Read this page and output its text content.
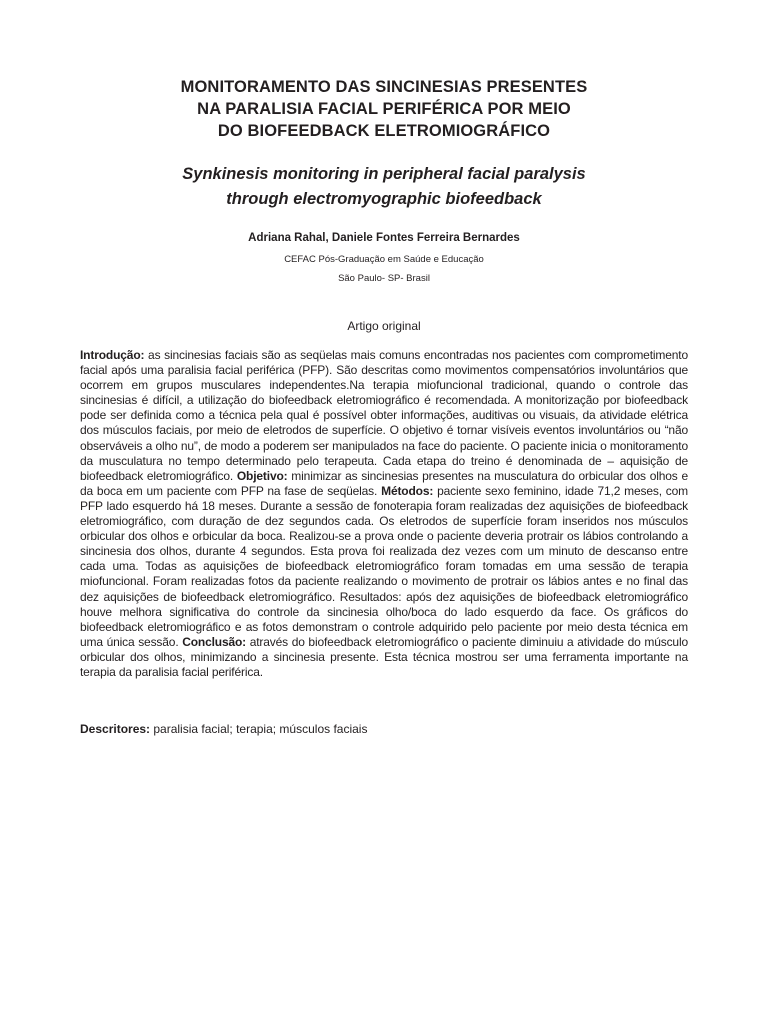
MONITORAMENTO DAS SINCINESIAS PRESENTES
NA PARALISIA FACIAL PERIFÉRICA POR MEIO
DO BIOFEEDBACK ELETROMIOGRÁFICO
Synkinesis monitoring in peripheral facial paralysis
through electromyographic biofeedback
Adriana Rahal, Daniele Fontes Ferreira Bernardes
CEFAC Pós-Graduação em Saúde e Educação
São Paulo- SP- Brasil
Artigo original
Introdução: as sincinesias faciais são as seqüelas mais comuns encontradas nos pacientes com comprometimento facial após uma paralisia facial periférica (PFP). São descritas como movimentos compensatórios involuntários que ocorrem em grupos musculares independentes.Na terapia miofuncional tradicional, quando o controle das sincinesias é difícil, a utilização do biofeedback eletromiográfico é recomendada. A monitorização por biofeedback pode ser definida como a técnica pela qual é possível obter informações, auditivas ou visuais, da atividade elétrica dos músculos faciais, por meio de eletrodos de superfície. O objetivo é tornar visíveis eventos involuntários ou “não observáveis a olho nu”, de modo a poderem ser manipulados na face do paciente. O paciente inicia o monitoramento da musculatura no tempo determinado pelo terapeuta. Cada etapa do treino é denominada de – aquisição de biofeedback eletromiográfico. Objetivo: minimizar as sincinesias presentes na musculatura do orbicular dos olhos e da boca em um paciente com PFP na fase de seqüelas. Métodos: paciente sexo feminino, idade 71,2 meses, com PFP lado esquerdo há 18 meses. Durante a sessão de fonoterapia foram realizadas dez aquisições de biofeedback eletromiográfico, com duração de dez segundos cada. Os eletrodos de superfície foram inseridos nos músculos orbicular dos olhos e orbicular da boca. Realizou-se a prova onde o paciente deveria protrair os lábios controlando a sincinesia dos olhos, durante 4 segundos. Esta prova foi realizada dez vezes com um minuto de descanso entre cada uma. Todas as aquisições de biofeedback eletromiográfico foram tomadas em uma sessão de terapia miofuncional. Foram realizadas fotos da paciente realizando o movimento de protrair os lábios antes e no final das dez aquisições de biofeedback eletromiográfico. Resultados: após dez aquisições de biofeedback eletromiográfico houve melhora significativa do controle da sincinesia olho/boca do lado esquerdo da face. Os gráficos do biofeedback eletromiográfico e as fotos demonstram o controle adquirido pelo paciente por meio desta técnica em uma única sessão. Conclusão: através do biofeedback eletromiográfico o paciente diminuiu a atividade do músculo orbicular dos olhos, minimizando a sincinesia presente. Esta técnica mostrou ser uma ferramenta importante na terapia da paralisia facial periférica.
Descritores: paralisia facial; terapia; músculos faciais
